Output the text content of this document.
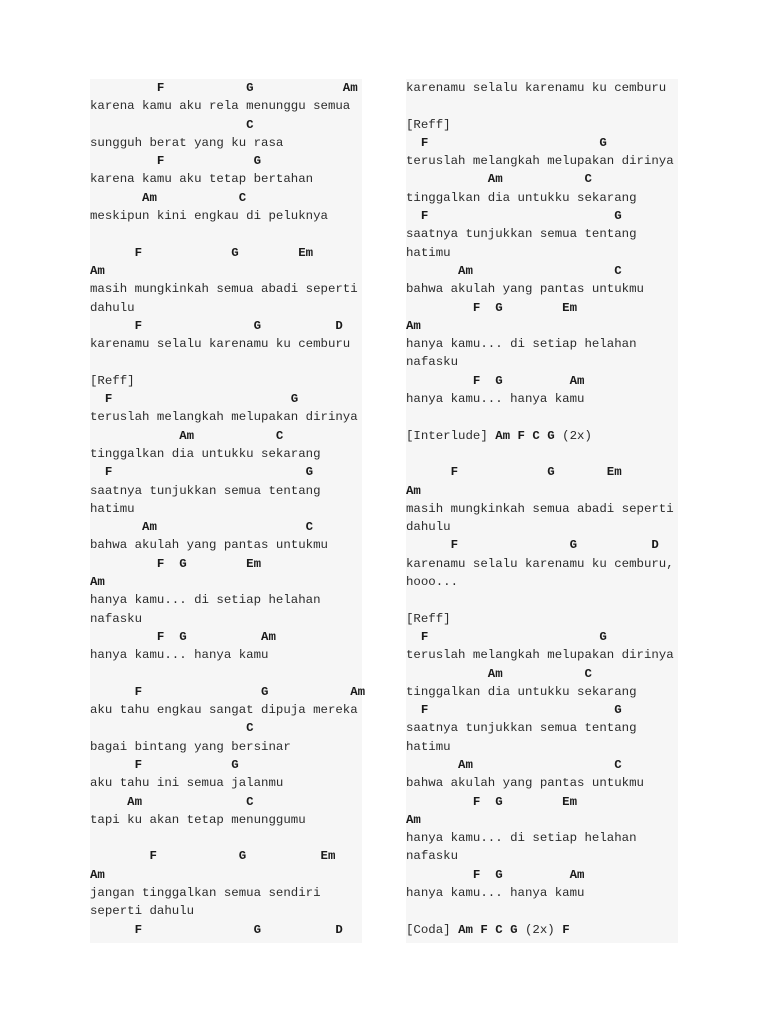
F           G            Am
karena kamu aku rela menunggu semua
C
sungguh berat yang ku rasa
F            G
karena kamu aku tetap bertahan
Am           C
meskipun kini engkau di peluknya

F            G        Em
Am
masih mungkinkah semua abadi seperti
dahulu
F               G          D
karenamu selalu karenamu ku cemburu

[Reff]
F                        G
teruslah melangkah melupakan dirinya
Am           C
tinggalkan dia untukku sekarang
F                          G
saatnya tunjukkan semua tentang
hatimu
Am                    C
bahwa akulah yang pantas untukmu
F  G        Em
Am
hanya kamu... di setiap helahan
nafasku
F  G          Am
hanya kamu... hanya kamu

F                G           Am
aku tahu engkau sangat dipuja mereka
C
bagai bintang yang bersinar
F            G
aku tahu ini semua jalanmu
Am              C
tapi ku akan tetap menunggumu

F           G          Em
Am
jangan tinggalkan semua sendiri
seperti dahulu
F               G          D
karenamu selalu karenamu ku cemburu

[Reff]
F                       G
teruslah melangkah melupakan dirinya
Am           C
tinggalkan dia untukku sekarang
F                         G
saatnya tunjukkan semua tentang
hatimu
Am                   C
bahwa akulah yang pantas untukmu
F  G        Em
Am
hanya kamu... di setiap helahan
nafasku
F  G         Am
hanya kamu... hanya kamu

[Interlude] Am F C G (2x)

F            G       Em
Am
masih mungkinkah semua abadi seperti
dahulu
F               G          D
karenamu selalu karenamu ku cemburu,
hooo...

[Reff]
F                       G
teruslah melangkah melupakan dirinya
Am           C
tinggalkan dia untukku sekarang
F                         G
saatnya tunjukkan semua tentang
hatimu
Am                   C
bahwa akulah yang pantas untukmu
F  G        Em
Am
hanya kamu... di setiap helahan
nafasku
F  G         Am
hanya kamu... hanya kamu

[Coda] Am F C G (2x) F
